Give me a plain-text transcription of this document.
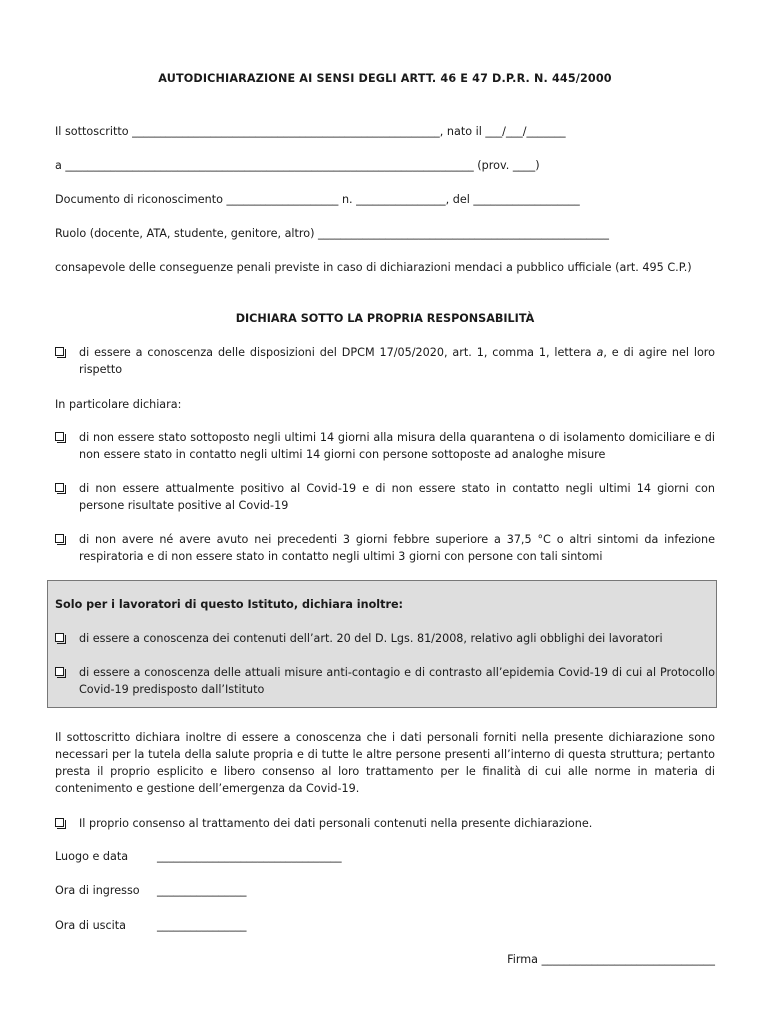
AUTODICHIARAZIONE AI SENSI DEGLI ARTT. 46 E 47 D.P.R. N. 445/2000
Il sottoscritto _______________________________________________________, nato il ___/___/_______
a _________________________________________________________________________ (prov. ____)
Documento di riconoscimento ____________________ n. ________________, del ___________________
Ruolo (docente, ATA, studente, genitore, altro) ____________________________________________________
consapevole delle conseguenze penali previste in caso di dichiarazioni mendaci a pubblico ufficiale (art. 495 C.P.)
DICHIARA SOTTO LA PROPRIA RESPONSABILITÀ
di essere a conoscenza delle disposizioni del DPCM 17/05/2020, art. 1, comma 1, lettera a, e di agire nel loro rispetto
In particolare dichiara:
di non essere stato sottoposto negli ultimi 14 giorni alla misura della quarantena o di isolamento domiciliare e di non essere stato in contatto negli ultimi 14 giorni con persone sottoposte ad analoghe misure
di non essere attualmente positivo al Covid-19 e di non essere stato in contatto negli ultimi 14 giorni con persone risultate positive al Covid-19
di non avere né avere avuto nei precedenti 3 giorni febbre superiore a 37,5 °C o altri sintomi da infezione respiratoria e di non essere stato in contatto negli ultimi 3 giorni con persone con tali sintomi
Solo per i lavoratori di questo Istituto, dichiara inoltre:
di essere a conoscenza dei contenuti dell’art. 20 del D. Lgs. 81/2008, relativo agli obblighi dei lavoratori
di essere a conoscenza delle attuali misure anti-contagio e di contrasto all’epidemia Covid-19 di cui al Protocollo Covid-19 predisposto dall’Istituto
Il sottoscritto dichiara inoltre di essere a conoscenza che i dati personali forniti nella presente dichiarazione sono necessari per la tutela della salute propria e di tutte le altre persone presenti all’interno di questa struttura; pertanto presta il proprio esplicito e libero consenso al loro trattamento per le finalità di cui alle norme in materia di contenimento e gestione dell’emergenza da Covid-19.
Il proprio consenso al trattamento dei dati personali contenuti nella presente dichiarazione.
Luogo e data	_________________________________
Ora di ingresso ________________
Ora di uscita	________________
Firma _______________________________
